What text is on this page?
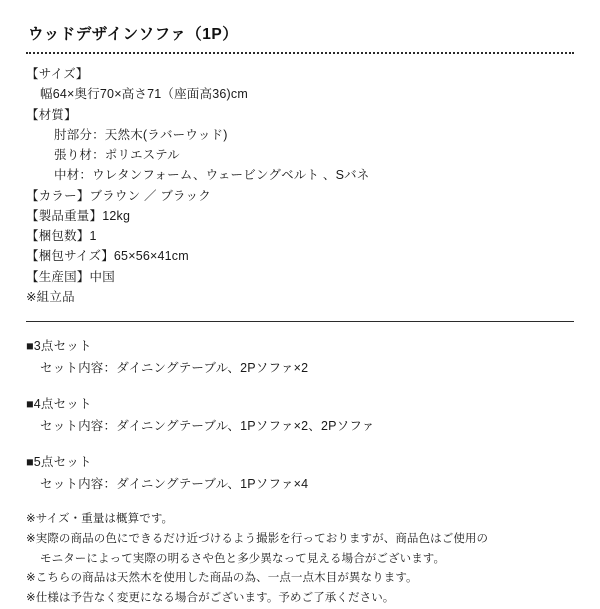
ウッドデザインソファ（1P）
【サイズ】
幅64×奥行70×高さ71（座面高36)cm
【材質】
肘部分：天然木(ラバーウッド)
張り材：ポリエステル
中材：ウレタンフォーム、ウェービングベルト 、Sバネ
【カラー】ブラウン ／ ブラック
【製品重量】12kg
【梱包数】1
【梱包サイズ】65×56×41cm
【生産国】中国
※組立品
■3点セット
セット内容：ダイニングテーブル、2Pソファ×2
■4点セット
セット内容：ダイニングテーブル、1Pソファ×2、2Pソファ
■5点セット
セット内容：ダイニングテーブル、1Pソファ×4
※サイズ・重量は概算です。
※実際の商品の色にできるだけ近づけるよう撮影を行っておりますが、商品色はご使用の
モニターによって実際の明るさや色と多少異なって見える場合がございます。
※こちらの商品は天然木を使用した商品の為、一点一点木目が異なります。
※仕様は予告なく変更になる場合がございます。予めご了承ください。
